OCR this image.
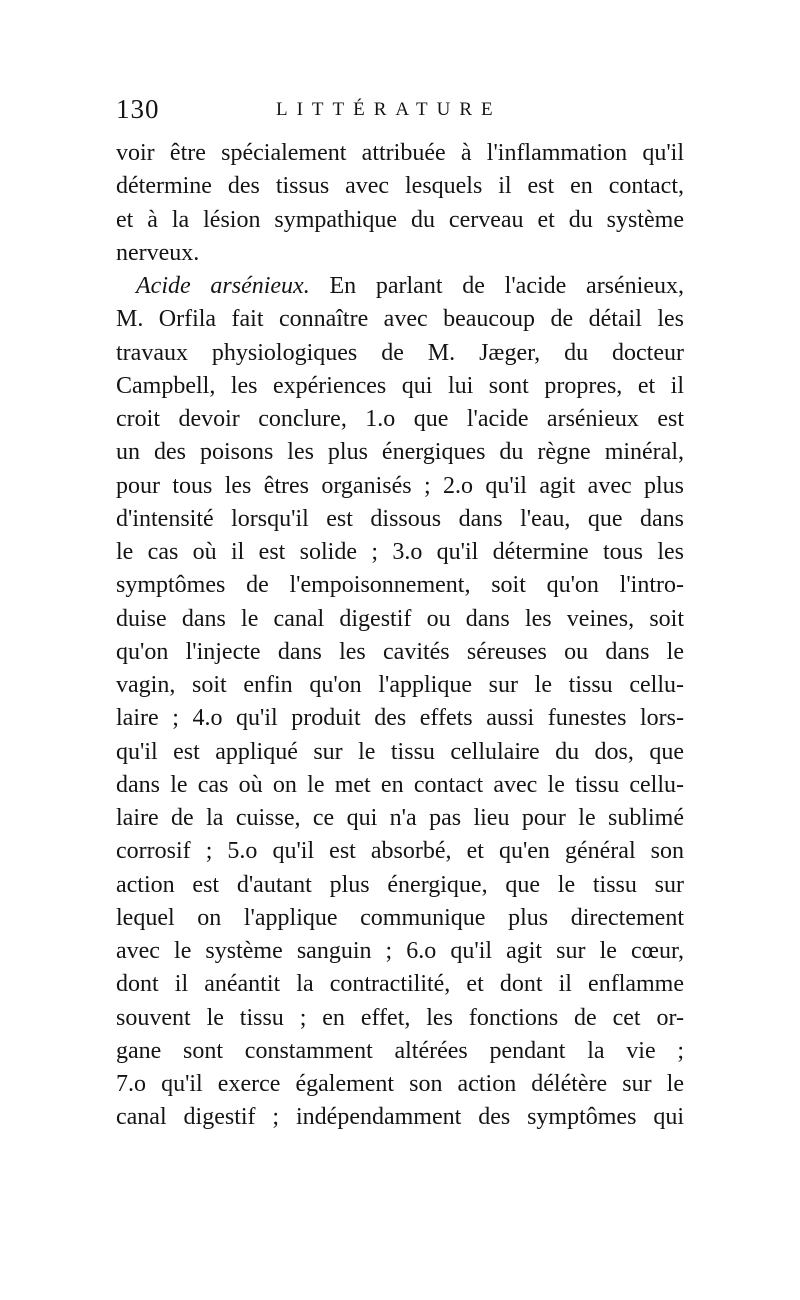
130	LITTÉRATURE
voir être spécialement attribuée à l'inflammation qu'il
détermine des tissus avec lesquels il est en contact,
et à la lésion sympathique du cerveau et du système
nerveux.
Acide arsénieux. En parlant de l'acide arsénieux,
M. Orfila fait connaître avec beaucoup de détail les
travaux physiologiques de M. Jæger, du docteur
Campbell, les expériences qui lui sont propres, et il
croit devoir conclure, 1.o que l'acide arsénieux est
un des poisons les plus énergiques du règne minéral,
pour tous les êtres organisés ; 2.o qu'il agit avec plus
d'intensité lorsqu'il est dissous dans l'eau, que dans
le cas où il est solide ; 3.o qu'il détermine tous les
symptômes de l'empoisonnement, soit qu'on l'intro-
duise dans le canal digestif ou dans les veines, soit
qu'on l'injecte dans les cavités séreuses ou dans le
vagin, soit enfin qu'on l'applique sur le tissu cellu-
laire ; 4.o qu'il produit des effets aussi funestes lors-
qu'il est appliqué sur le tissu cellulaire du dos, que
dans le cas où on le met en contact avec le tissu cellu-
laire de la cuisse, ce qui n'a pas lieu pour le sublimé
corrosif ; 5.o qu'il est absorbé, et qu'en général son
action est d'autant plus énergique, que le tissu sur
lequel on l'applique communique plus directement
avec le système sanguin ; 6.o qu'il agit sur le cœur,
dont il anéantit la contractilité, et dont il enflamme
souvent le tissu ; en effet, les fonctions de cet or-
gane sont constamment altérées pendant la vie ;
7.o qu'il exerce également son action délétère sur le
canal digestif ; indépendamment des symptômes qui
